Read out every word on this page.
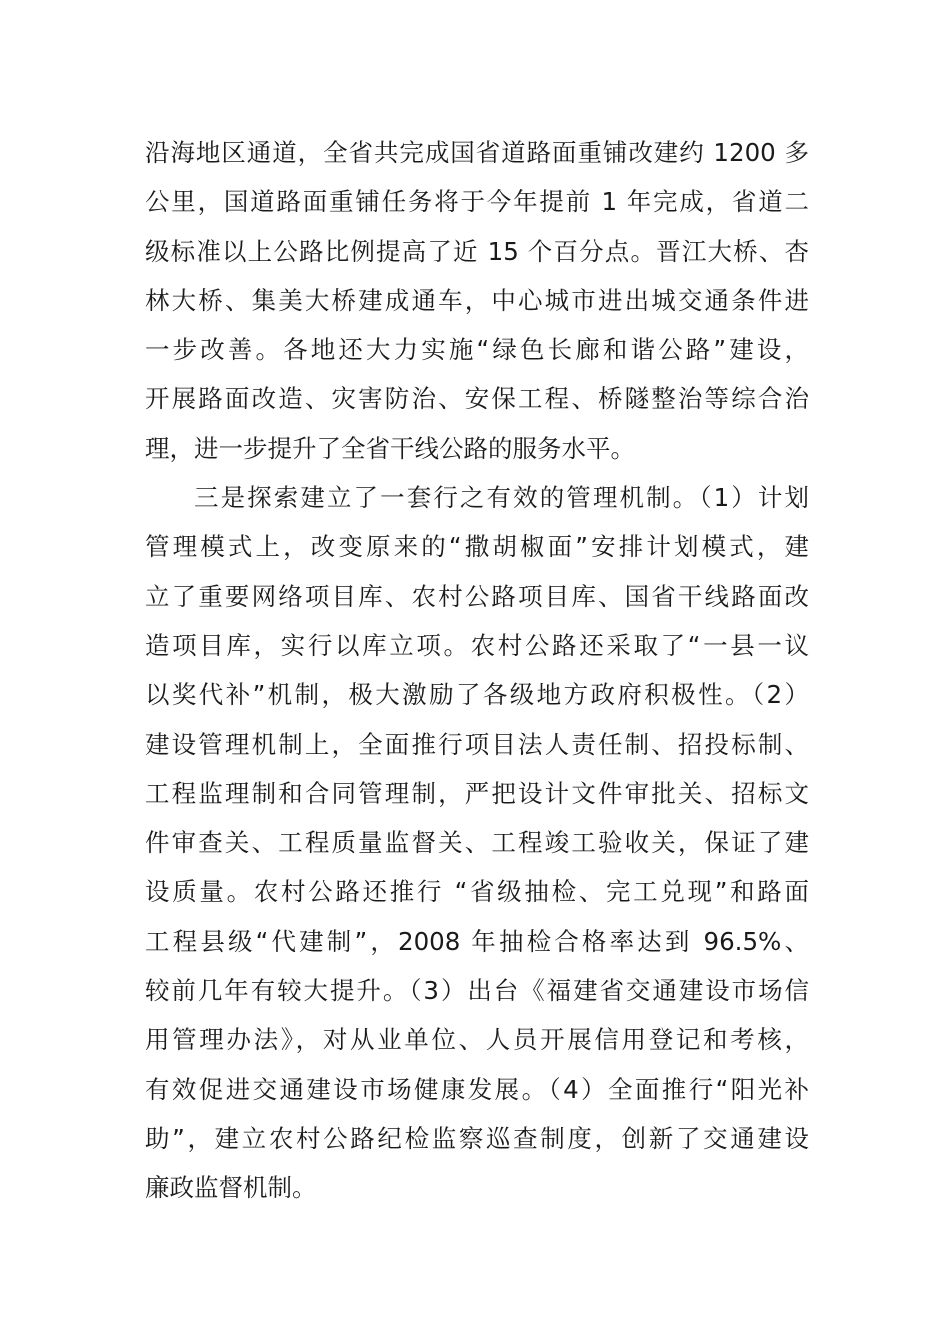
沿海地区通道，全省共完成国省道路面重铺改建约 1200 多
公里，国道路面重铺任务将于今年提前 1 年完成，省道二
级标准以上公路比例提高了近 15 个百分点。晋江大桥、杏
林大桥、集美大桥建成通车，中心城市进出城交通条件进
一步改善。各地还大力实施“绿色长廊和谐公路”建设，
开展路面改造、灾害防治、安保工程、桥隧整治等综合治
理，进一步提升了全省干线公路的服务水平。
三是探索建立了一套行之有效的管理机制。（1）计划
管理模式上，改变原来的“撒胡椒面”安排计划模式，建
立了重要网络项目库、农村公路项目库、国省干线路面改
造项目库，实行以库立项。农村公路还采取了“一县一议
以奖代补”机制，极大激励了各级地方政府积极性。（2）
建设管理机制上，全面推行项目法人责任制、招投标制、
工程监理制和合同管理制，严把设计文件审批关、招标文
件审查关、工程质量监督关、工程竣工验收关，保证了建
设质量。农村公路还推行 “省级抽检、完工兑现”和路面
工程县级“代建制”，2008 年抽检合格率达到 96.5%、
较前几年有较大提升。（3）出台《福建省交通建设市场信
用管理办法》，对从业单位、人员开展信用登记和考核，
有效促进交通建设市场健康发展。（4）全面推行“阳光补
助”，建立农村公路纪检监察巡查制度，创新了交通建设
廉政监督机制。
